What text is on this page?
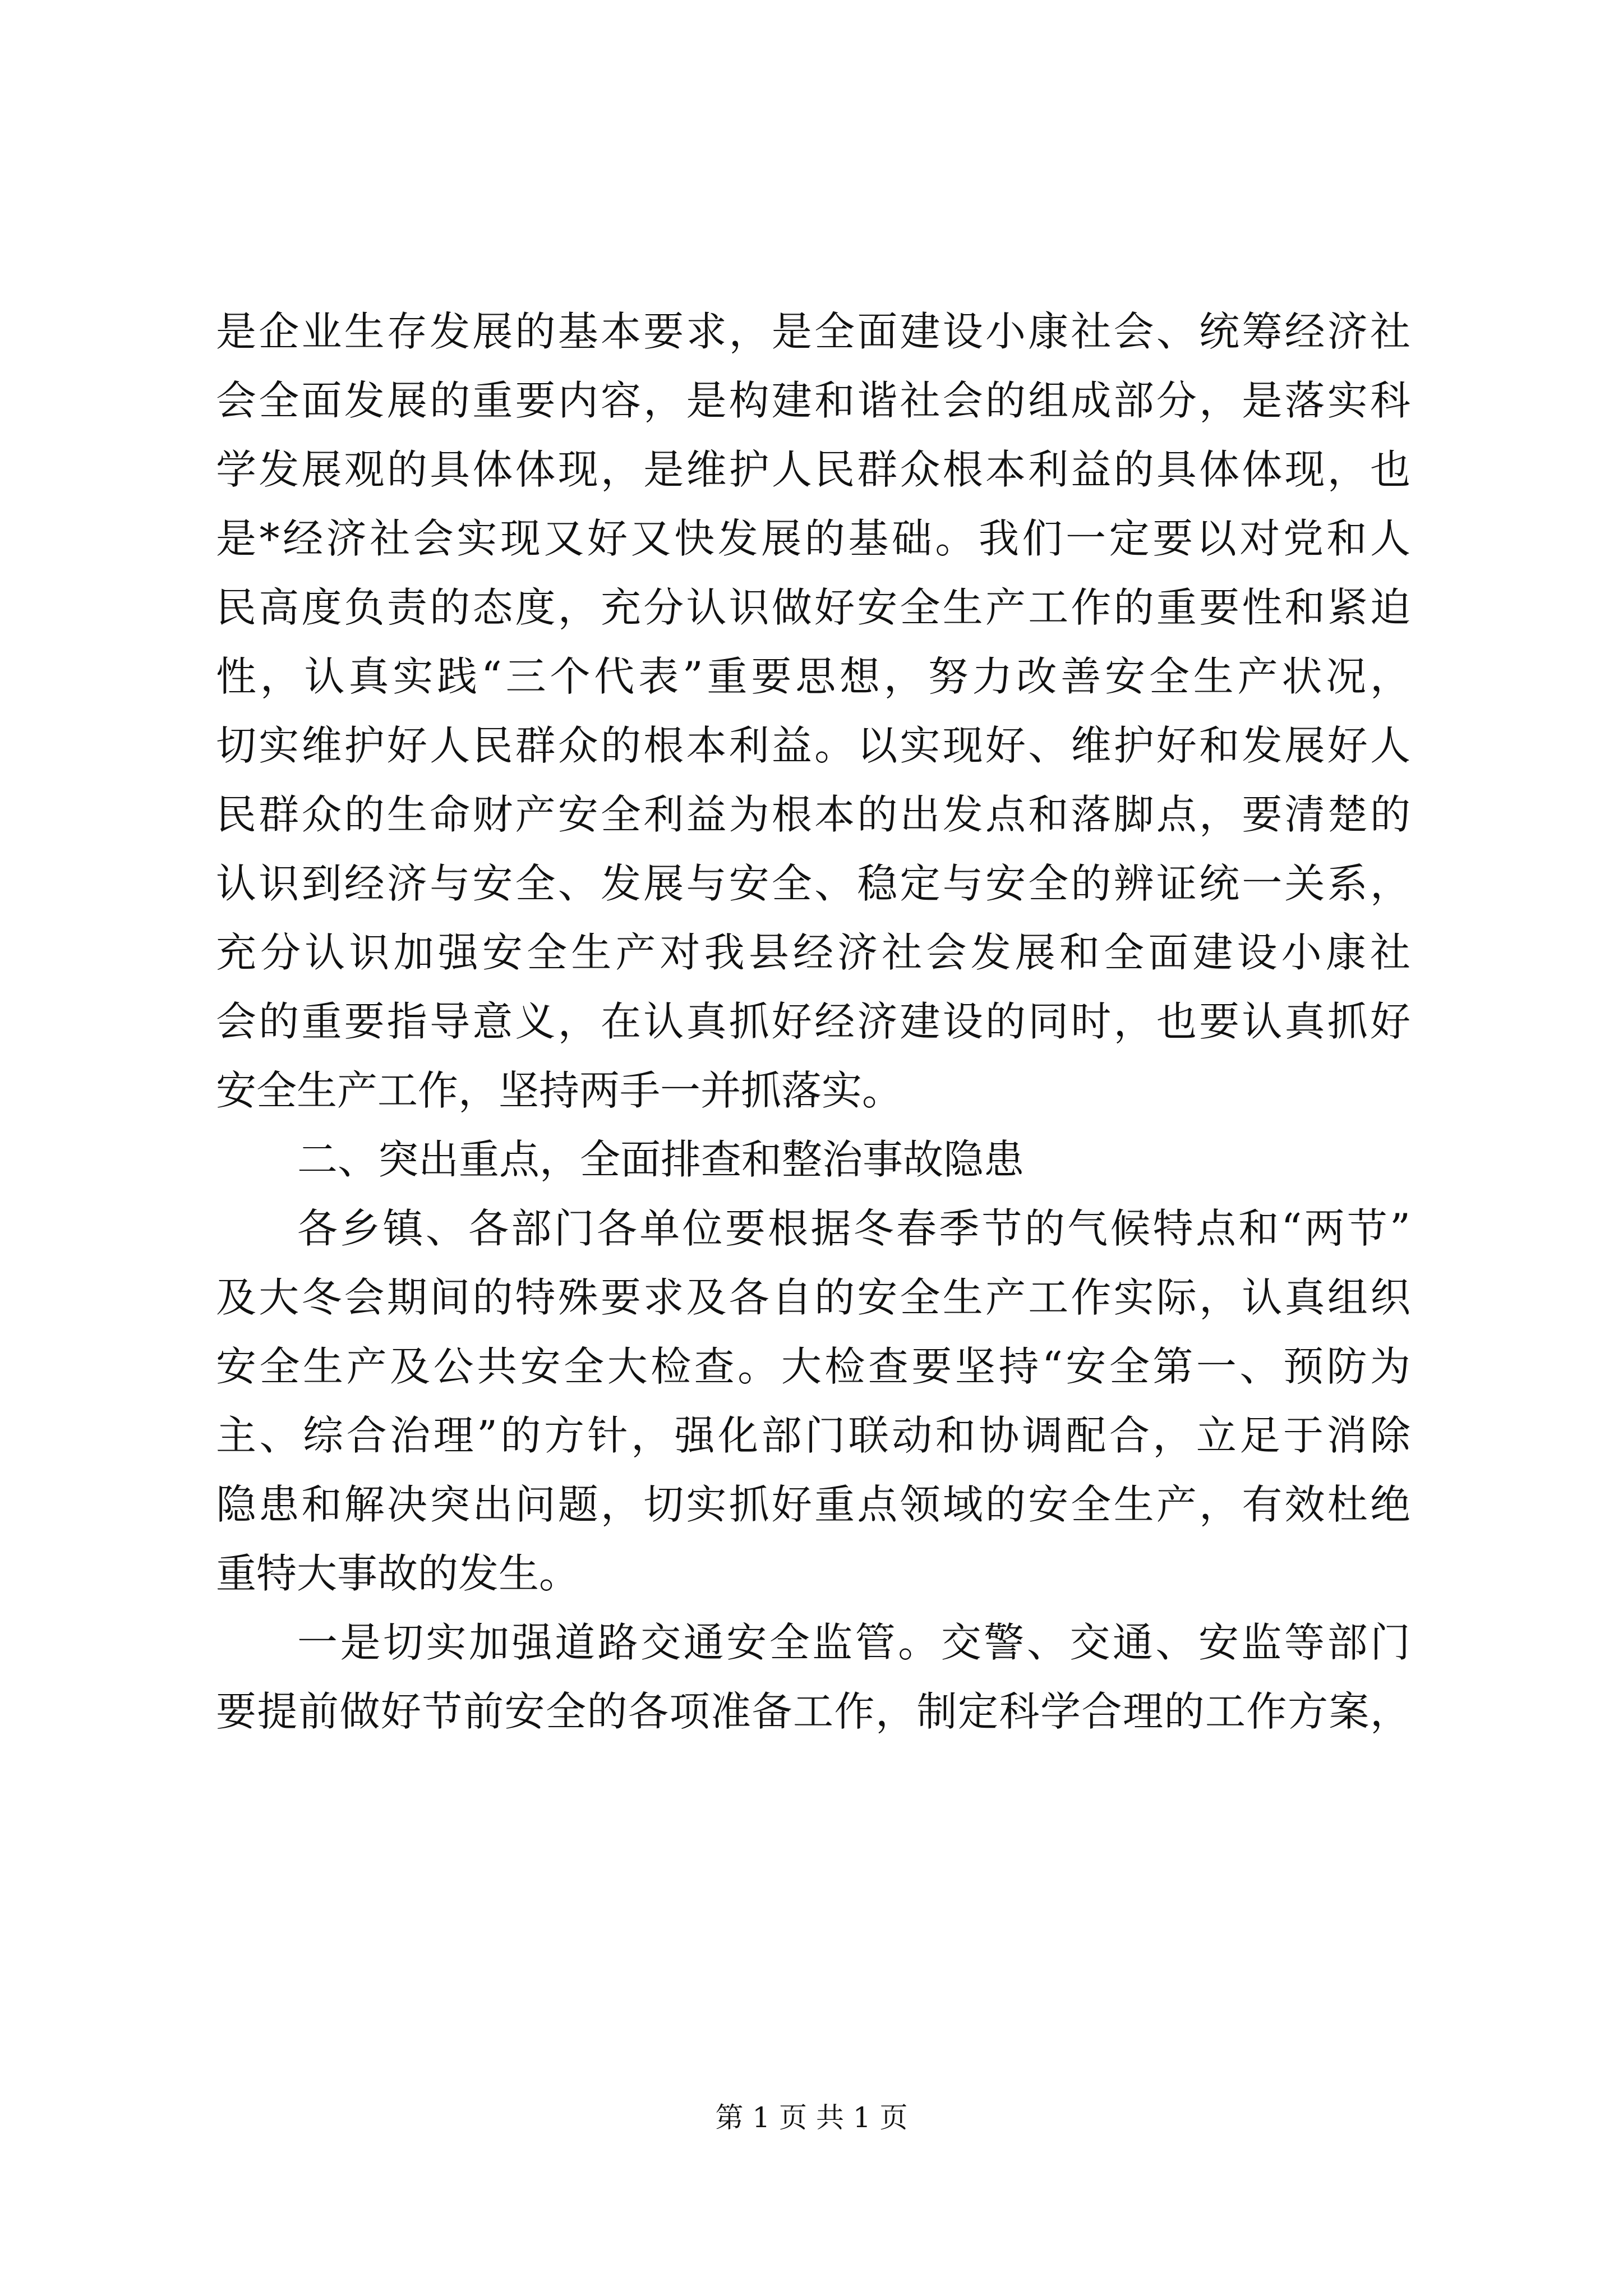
是企业生存发展的基本要求，是全面建设小康社会、统筹经济社
会全面发展的重要内容，是构建和谐社会的组成部分，是落实科
学发展观的具体体现，是维护人民群众根本利益的具体体现，也
是*经济社会实现又好又快发展的基础。我们一定要以对党和人
民高度负责的态度，充分认识做好安全生产工作的重要性和紧迫
性，认真实践“三个代表”重要思想，努力改善安全生产状况，
切实维护好人民群众的根本利益。以实现好、维护好和发展好人
民群众的生命财产安全利益为根本的出发点和落脚点，要清楚的
认识到经济与安全、发展与安全、稳定与安全的辨证统一关系，
充分认识加强安全生产对我县经济社会发展和全面建设小康社
会的重要指导意义，在认真抓好经济建设的同时，也要认真抓好
安全生产工作，坚持两手一并抓落实。
二、突出重点，全面排查和整治事故隐患
各乡镇、各部门各单位要根据冬春季节的气候特点和“两节”
及大冬会期间的特殊要求及各自的安全生产工作实际，认真组织
安全生产及公共安全大检查。大检查要坚持“安全第一、预防为
主、综合治理”的方针，强化部门联动和协调配合，立足于消除
隐患和解决突出问题，切实抓好重点领域的安全生产，有效杜绝
重特大事故的发生。
一是切实加强道路交通安全监管。交警、交通、安监等部门
要提前做好节前安全的各项准备工作，制定科学合理的工作方案，
第 1 页 共 1 页
